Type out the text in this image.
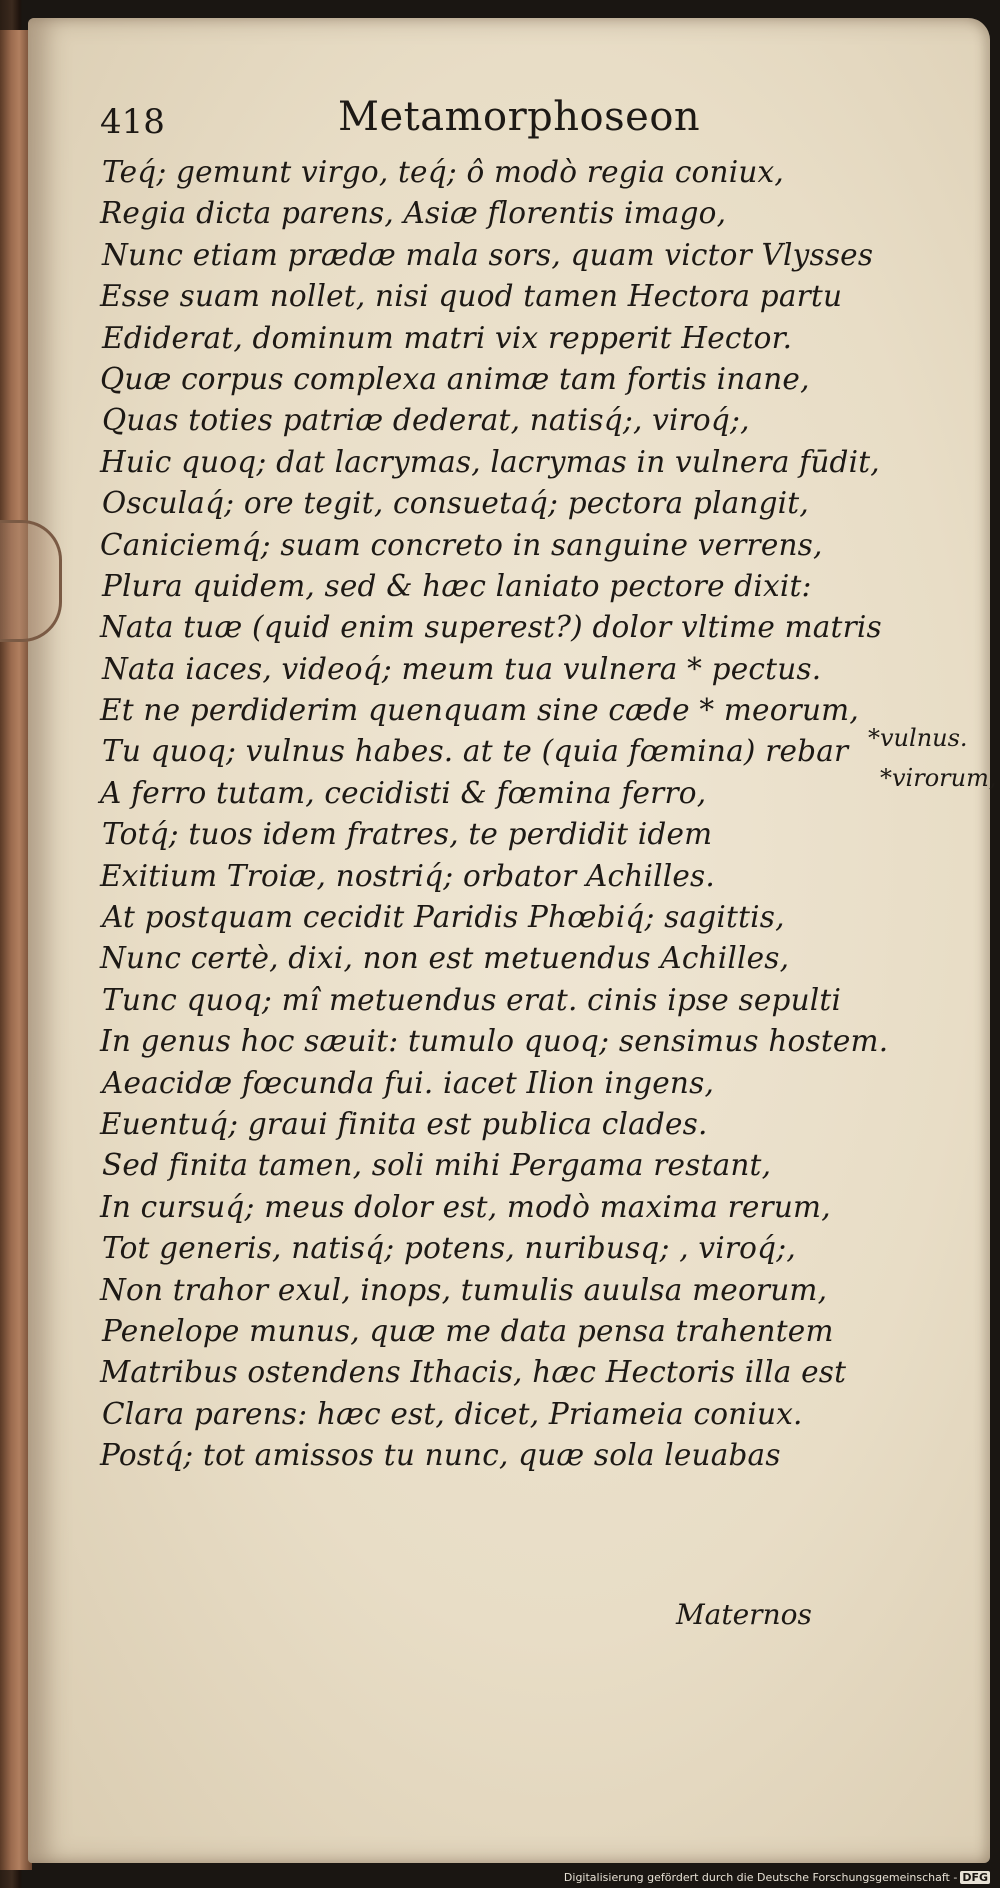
418	Metamorphoseon
Teq́; gemunt virgo, teq́; ô modò regia coniux,
Regia dicta parens, Asiæ florentis imago,
Nunc etiam prædæ mala sors, quam victor Vlysses
Esse suam nollet, nisi quod tamen Hectora partu
Ediderat, dominum matri vix repperit Hector.
Quæ corpus complexa animæ tam fortis inane,
Quas toties patriæ dederat, natisq́;, viroq́;,
Huic quoq; dat lacrymas, lacrymas in vulnera fūdit,
Osculaq́; ore tegit, consuetaq́; pectora plangit,
Caniciemq́; suam concreto in sanguine verrens,
Plura quidem, sed & hæc laniato pectore dixit:
Nata tuæ (quid enim superest?) dolor vltime matris
Nata iaces, videoq́; meum tua vulnera * pectus.
Et ne perdiderim quenquam sine cæde * meorum,
Tu quoq; vulnus habes. at te (quia fœmina) rebar
A ferro tutam, cecidisti & fœmina ferro,
Totq́; tuos idem fratres, te perdidit idem
Exitium Troiæ, nostriq́; orbator Achilles.
At postquam cecidit Paridis Phœbiq́; sagittis,
Nunc certè, dixi, non est metuendus Achilles,
Tunc quoq; mî metuendus erat. cinis ipse sepulti
In genus hoc sæuit: tumulo quoq; sensimus hostem.
Aeacidæ fœcunda fui. iacet Ilion ingens,
Euentuq́; graui finita est publica clades.
Sed finita tamen, soli mihi Pergama restant,
In cursuq́; meus dolor est, modò maxima rerum,
Tot generis, natisq́; potens, nuribusq; , viroq́;,
Non trahor exul, inops, tumulis auulsa meorum,
Penelope munus, quæ me data pensa trahentem
Matribus ostendens Ithacis, hæc Hectoris illa est
Clara parens: hæc est, dicet, Priameia coniux.
Postq́; tot amissos tu nunc, quæ sola leuabas
*vulnus.
*virorum,
Maternos
Digitalisierung gefördert durch die Deutsche Forschungsgemeinschaft - DFG
